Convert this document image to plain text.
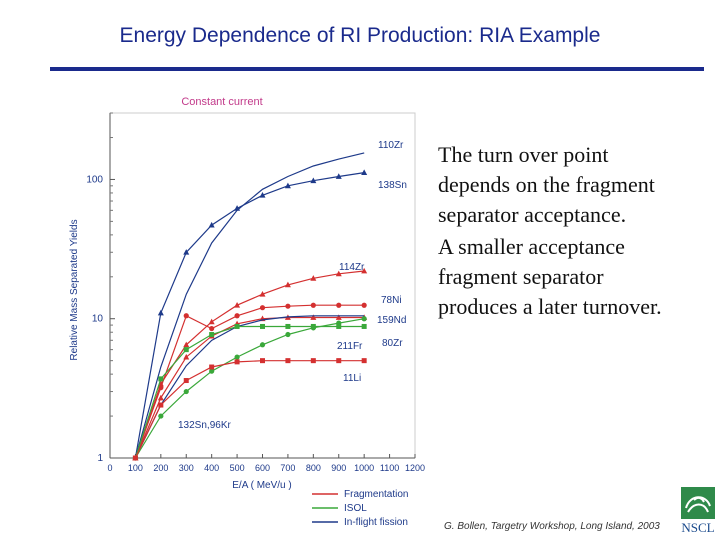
Energy Dependence of RI Production: RIA Example
Constant current
0 100 200 300 400 500 600 700 800 900 1000 1100 1200
1
10
100
110Zr
138Sn
114Zr
78Ni
159Nd
80Zr
211Fr
132Sn,96Kr
11Li
Relative Mass Separated Yields
E/A ( MeV/u )
Fragmentation
ISOL
In-flight fission

The turn over point depends on the fragment separator acceptance.

A smaller acceptance fragment separator produces a later turnover.

G. Bollen, Targetry Workshop, Long Island, 2003 NSCL
